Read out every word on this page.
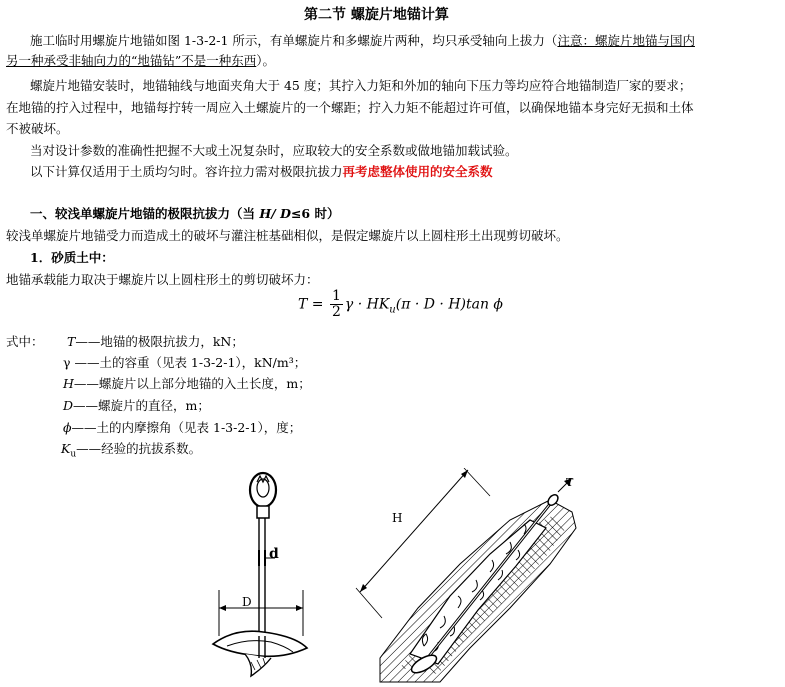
第二节 螺旋片地锚计算
施工临时用螺旋片地锚如图 1-3-2-1 所示，有单螺旋片和多螺旋片两种，均只承受轴向上拔力（注意：螺旋片地锚与国内
另一种承受非轴向力的“地锚钻”不是一种东西）。
螺旋片地锚安装时，地锚轴线与地面夹角大于 45 度；其拧入力矩和外加的轴向下压力等均应符合地锚制造厂家的要求；
在地锚的拧入过程中，地锚每拧转一周应入土螺旋片的一个螺距；拧入力矩不能超过许可值，以确保地锚本身完好无损和土体
不被破坏。
当对设计参数的准确性把握不大或土况复杂时，应取较大的安全系数或做地锚加载试验。
以下计算仅适用于土质均匀时。容许拉力需对极限抗拔力再考虑整体使用的安全系数
一、较浅单螺旋片地锚的极限抗拔力（当 H/ D≤6 时）
较浅单螺旋片地锚受力而造成土的破坏与灌注桩基础相似，是假定螺旋片以上圆柱形土出现剪切破坏。
1．砂质土中：
地锚承载能力取决于螺旋片以上圆柱形土的剪切破坏力：
$T = \frac{1}{2}$ $\gamma \cdot HK_u(\pi \cdot D \cdot H)\tan$ ϕ
式中： T——地锚的极限抗拔力，kN；
γ ——土的容重（见表 1-3-2-1），kN/m³；
H——螺旋片以上部分地锚的入土长度，m；
D——螺旋片的直径，m；
ϕ——土的内摩擦角（见表 1-3-2-1），度；
$K_u——$经验的抗拔系数。
d
D
T
H
